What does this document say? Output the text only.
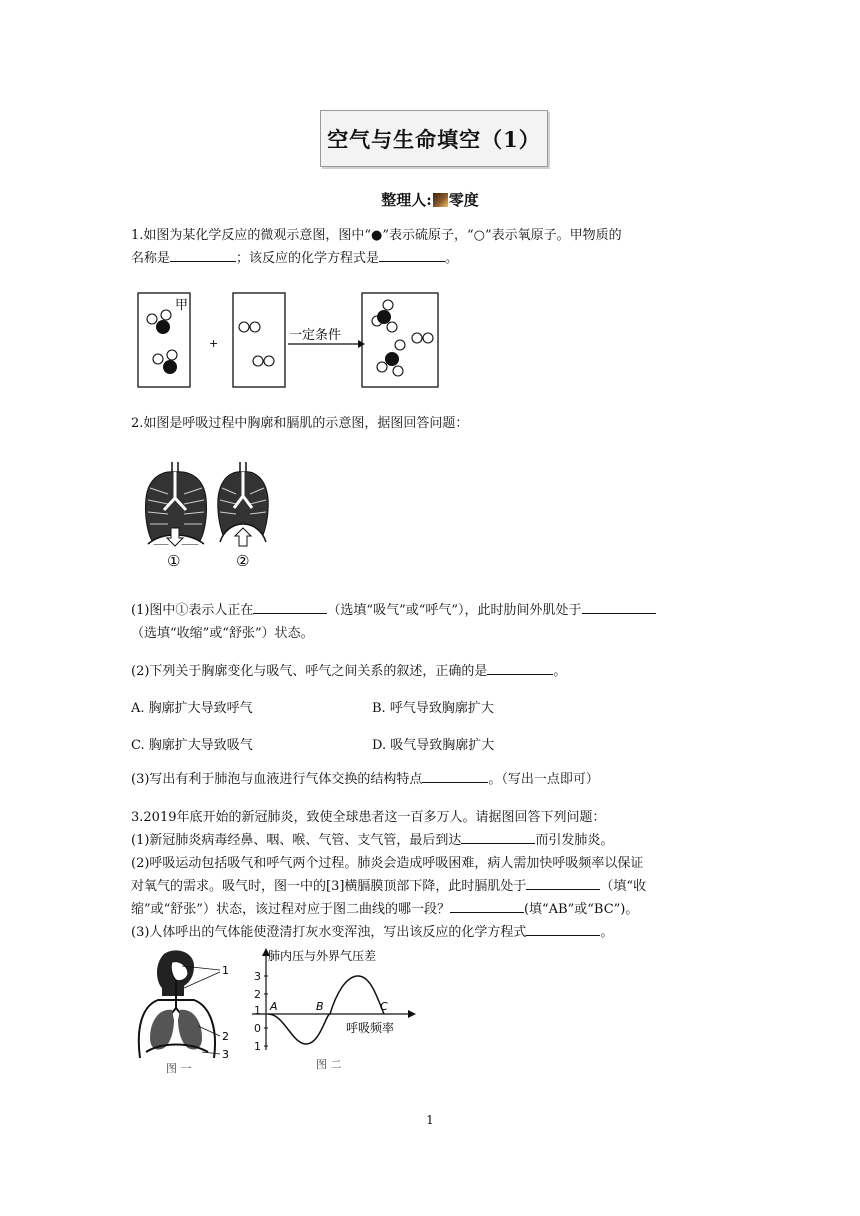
空气与生命填空（1）
整理人: 零度
1.如图为某化学反应的微观示意图，图中“●”表示硫原子，“○”表示氧原子。甲物质的
名称是	；该反应的化学方程式是	。
甲
+
一定条件
2.如图是呼吸过程中胸廓和膈肌的示意图，据图回答问题：
①	②
(1)图中①表示人正在	（选填“吸气”或“呼气”），此时肋间外肌处于
（选填“收缩”或“舒张”）状态。
(2)下列关于胸廓变化与吸气、呼气之间关系的叙述，正确的是	。
A. 胸廓扩大导致呼气	B. 呼气导致胸廓扩大
C. 胸廓扩大导致吸气	D. 吸气导致胸廓扩大
(3)写出有利于肺泡与血液进行气体交换的结构特点	。（写出一点即可）
3.2019年底开始的新冠肺炎，致使全球患者这一百多万人。请据图回答下列问题：
(1)新冠肺炎病毒经鼻、咽、喉、气管、支气管，最后到达	而引发肺炎。
(2)呼吸运动包括吸气和呼气两个过程。肺炎会造成呼吸困难，病人需加快呼吸频率以保证
对氧气的需求。吸气时，图一中的[3]横膈膜顶部下降，此时膈肌处于	（填“收
缩”或“舒张”）状态，该过程对应于图二曲线的哪一段？	(填“AB”或“BC”)。
(3)人体呼出的气体能使澄清打灰水变浑浊，写出该反应的化学方程式	。
1
2
3
图 一
肺内压与外界气压差
3
2
1
0
1
A	B	C
呼吸频率
图 二
1
